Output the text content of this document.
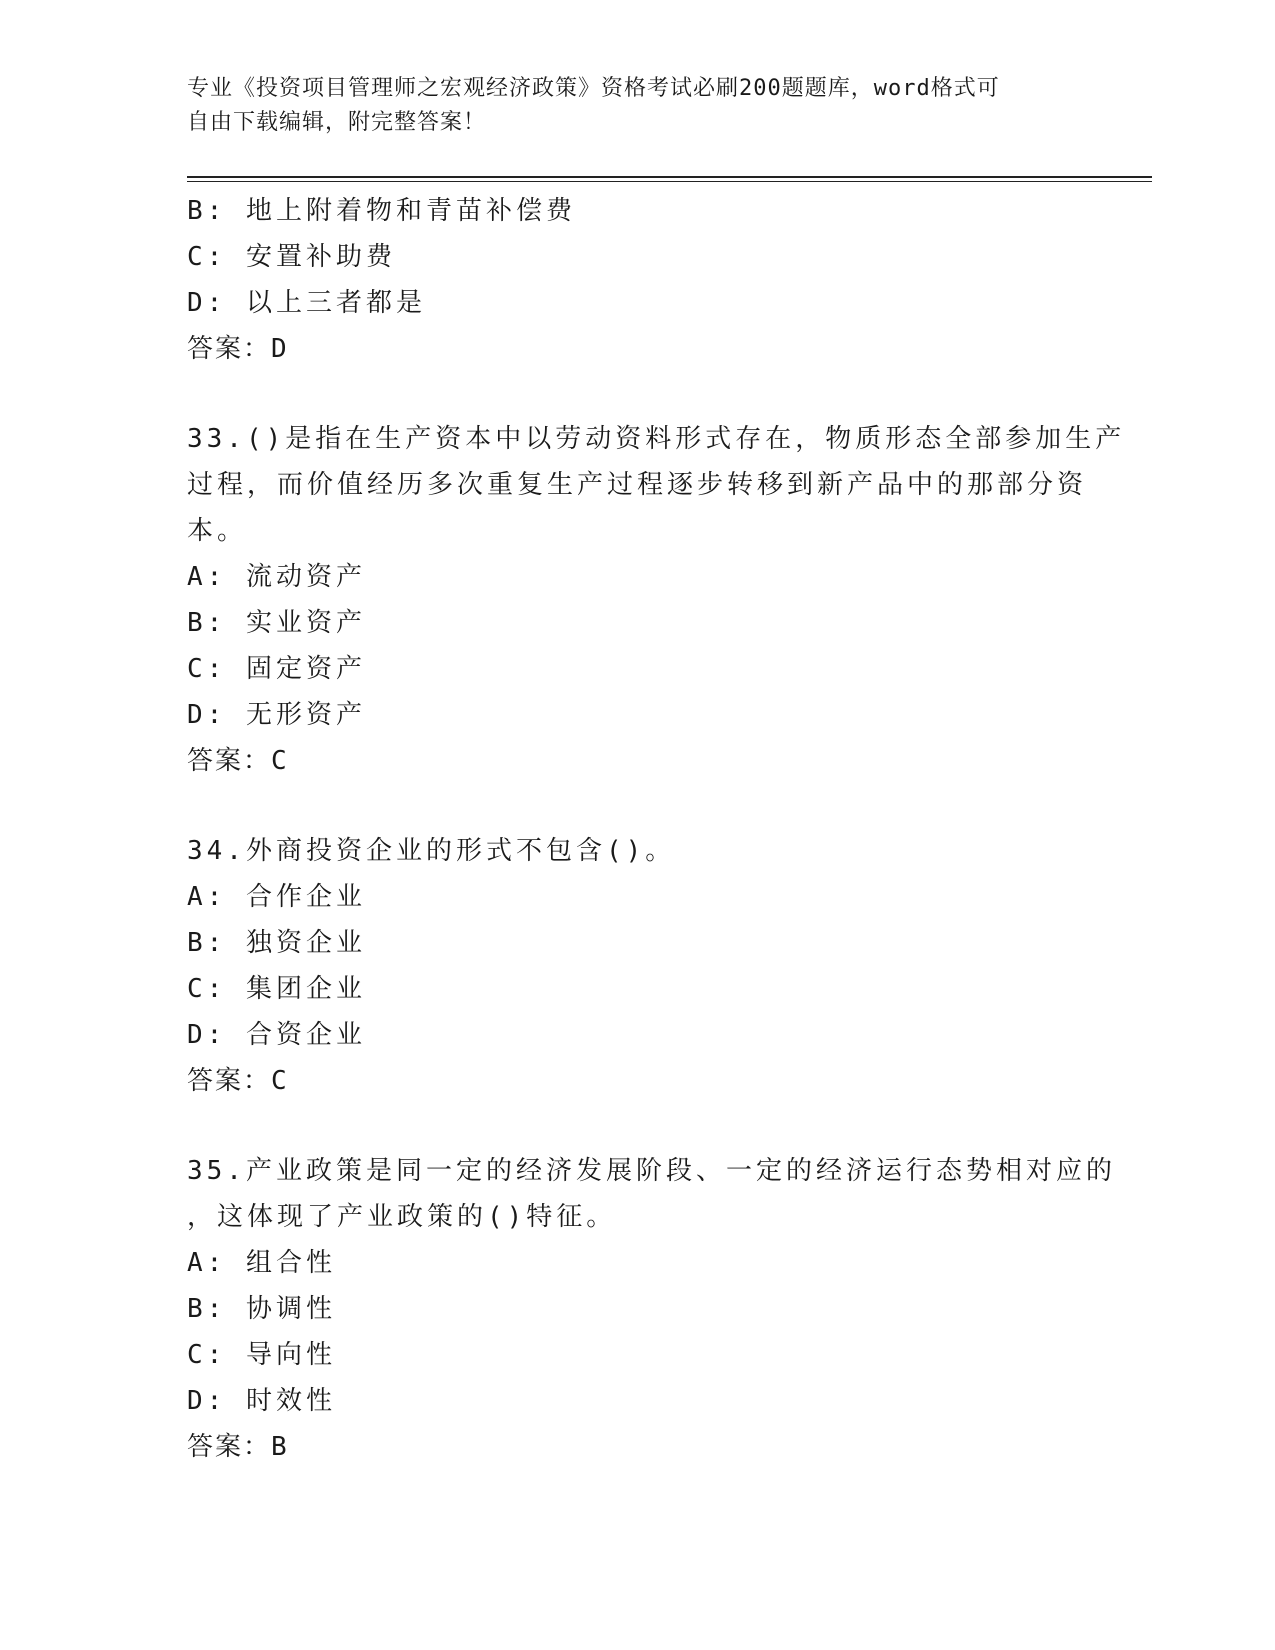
专业《投资项目管理师之宏观经济政策》资格考试必刷200题题库，word格式可
自由下载编辑，附完整答案！
B: 地上附着物和青苗补偿费
C: 安置补助费
D: 以上三者都是
答案：D
33.()是指在生产资本中以劳动资料形式存在，物质形态全部参加生产
过程，而价值经历多次重复生产过程逐步转移到新产品中的那部分资
本。
A: 流动资产
B: 实业资产
C: 固定资产
D: 无形资产
答案：C
34.外商投资企业的形式不包含()。
A: 合作企业
B: 独资企业
C: 集团企业
D: 合资企业
答案：C
35.产业政策是同一定的经济发展阶段、一定的经济运行态势相对应的
，这体现了产业政策的()特征。
A: 组合性
B: 协调性
C: 导向性
D: 时效性
答案：B
